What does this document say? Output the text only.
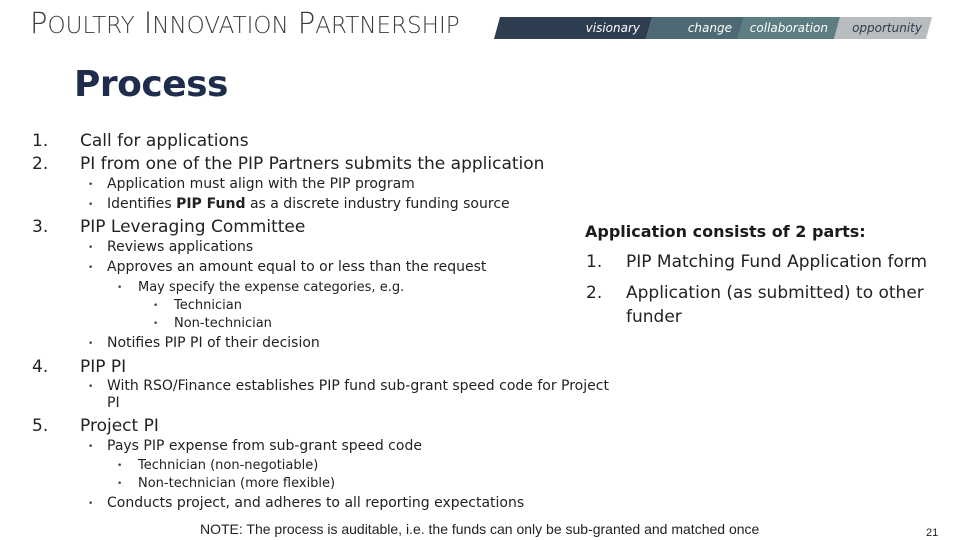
P OULTRY I NNOVATION P ARTNERSHIP	visionary	change collaboration opportunity
Process
1. Call for applications
2. PI from one of the PIP Partners submits the application
• Application must align with the PIP program
• Identifies PIP Fund as a discrete industry funding source
3. PIP Leveraging Committee
• Reviews applications
• Approves an amount equal to or less than the request
• May specify the expense categories, e.g.
• Technician
• Non-technician
• Notifies PIP PI of their decision
4. PIP PI
• With RSO/Finance establishes PIP fund sub-grant speed code for Project
PI
5. Project PI
• Pays PIP expense from sub-grant speed code
• Technician (non-negotiable)
• Non-technician (more flexible)
• Conducts project, and adheres to all reporting expectations
Application consists of 2 parts:
1. PIP Matching Fund Application form
2. Application (as submitted) to other
funder
NOTE: The process is auditable, i.e. the funds can only be sub-granted and matched once	21
